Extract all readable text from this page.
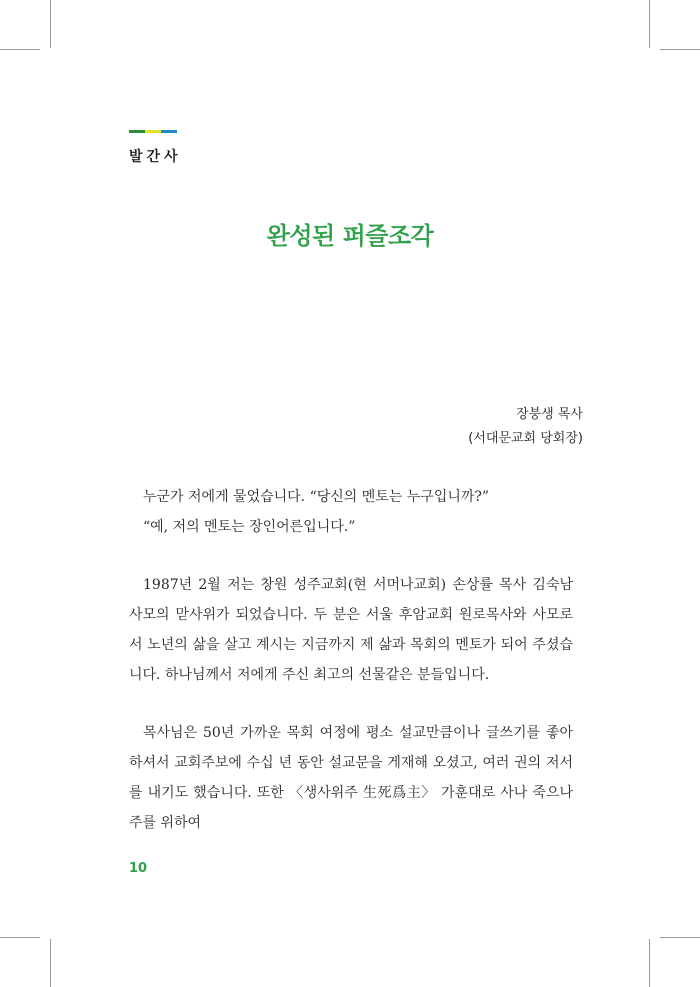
발간사
완성된 퍼즐조각
장붕생 목사
(서대문교회 당회장)

누군가 저에게 물었습니다. “당신의 멘토는 누구입니까?”

“예, 저의 멘토는 장인어른입니다.”

1987년 2월 저는 창원 성주교회(현 서머나교회) 손상률 목사 김숙남 사모의 맏사위가 되었습니다. 두 분은 서울 후암교회 원로목사와 사모로서 노년의 삶을 살고 계시는 지금까지 제 삶과 목회의 멘토가 되어 주셨습니다. 하나님께서 저에게 주신 최고의 선물같은 분들입니다.

목사님은 50년 가까운 목회 여정에 평소 설교만큼이나 글쓰기를 좋아하셔서 교회주보에 수십 년 동안 설교문을 게재해 오셨고, 여러 권의 저서를 내기도 했습니다. 또한 〈생사위주 生死爲主〉 가훈대로 사나 죽으나 주를 위하여

10
